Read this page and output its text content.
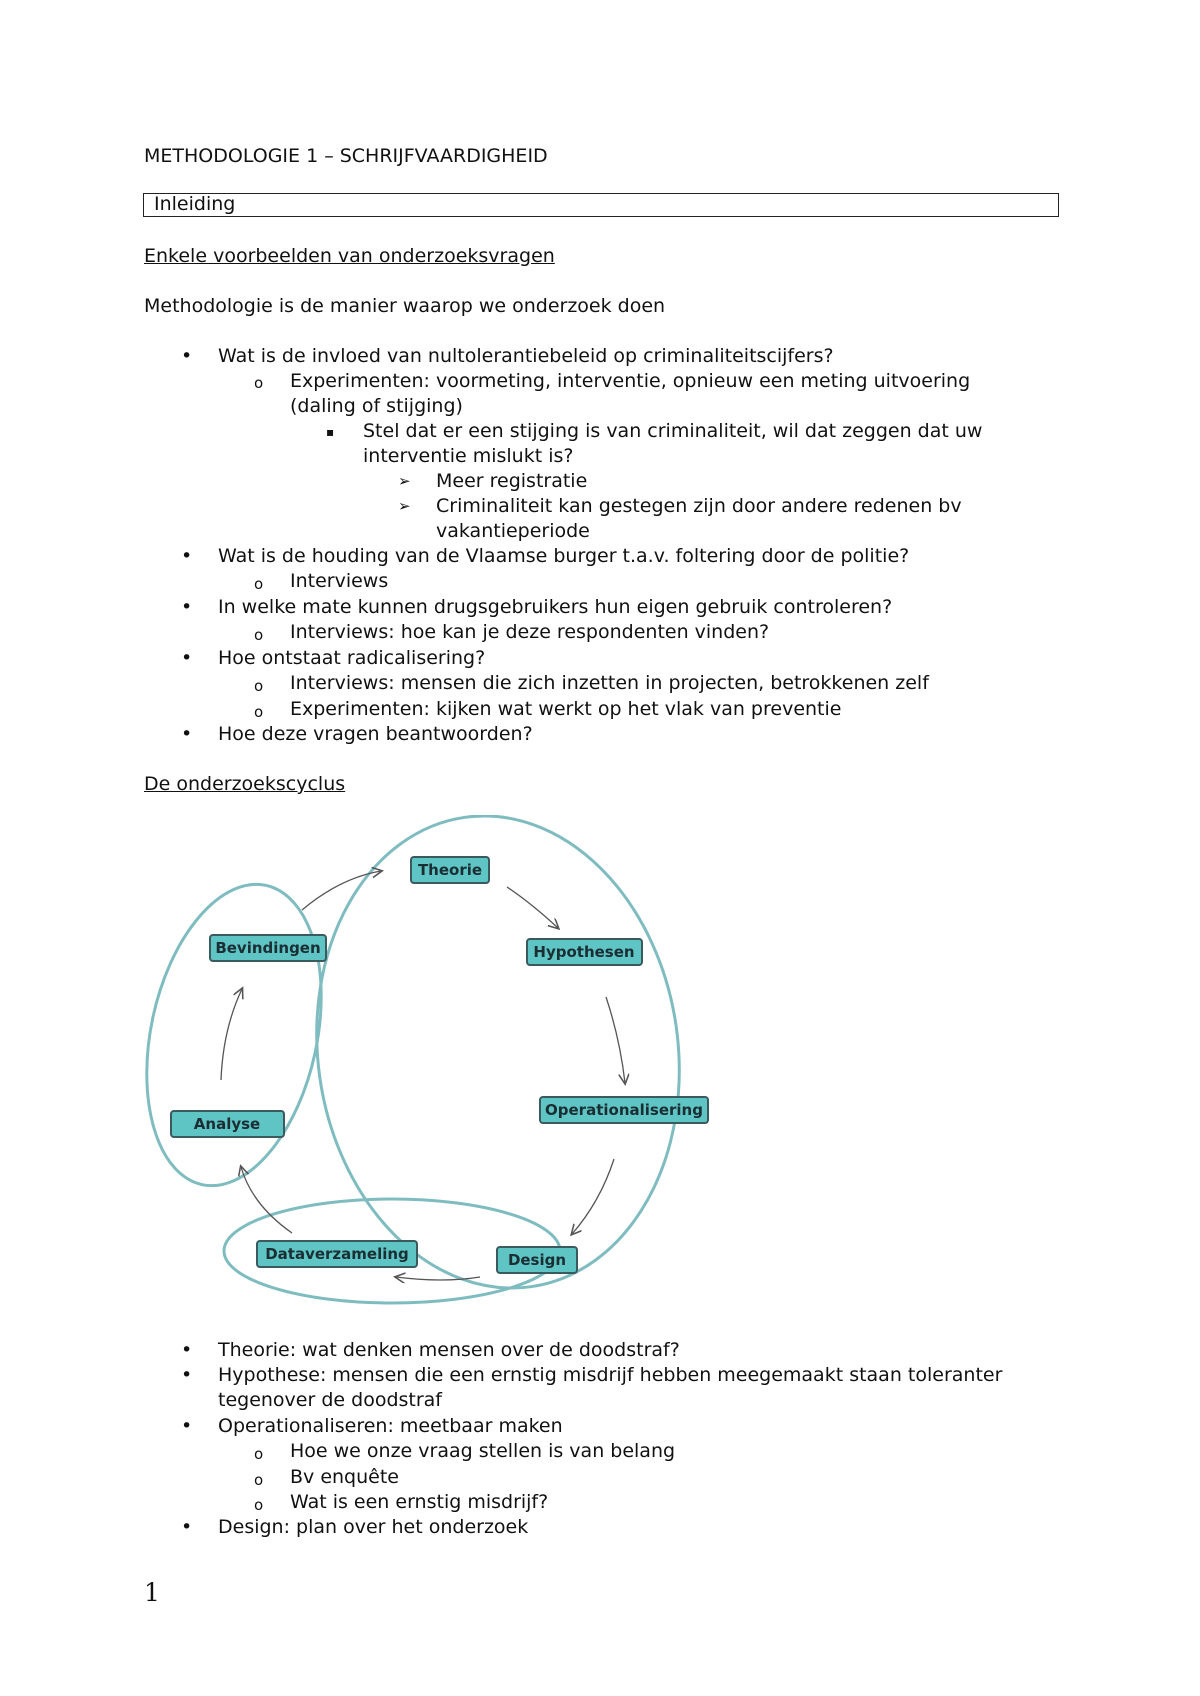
METHODOLOGIE 1 – SCHRIJFVAARDIGHEID
Inleiding
Enkele voorbeelden van onderzoeksvragen
Methodologie is de manier waarop we onderzoek doen
• Wat is de invloed van nultolerantiebeleid op criminaliteitscijfers?
o Experimenten: voormeting, interventie, opnieuw een meting uitvoering
(daling of stijging)
▪ Stel dat er een stijging is van criminaliteit, wil dat zeggen dat uw
interventie mislukt is?
➢ Meer registratie
➢ Criminaliteit kan gestegen zijn door andere redenen bv
vakantieperiode
• Wat is de houding van de Vlaamse burger t.a.v. foltering door de politie?
o Interviews
• In welke mate kunnen drugsgebruikers hun eigen gebruik controleren?
o Interviews: hoe kan je deze respondenten vinden?
• Hoe ontstaat radicalisering?
o Interviews: mensen die zich inzetten in projecten, betrokkenen zelf
o Experimenten: kijken wat werkt op het vlak van preventie
• Hoe deze vragen beantwoorden?
De onderzoekscyclus
Theorie
Hypothesen
Operationalisering
Design
Dataverzameling
Analyse
Bevindingen
• Theorie: wat denken mensen over de doodstraf?
• Hypothese: mensen die een ernstig misdrijf hebben meegemaakt staan toleranter
tegenover de doodstraf
• Operationaliseren: meetbaar maken
o Hoe we onze vraag stellen is van belang
o Bv enquête
o Wat is een ernstig misdrijf?
• Design: plan over het onderzoek
1
